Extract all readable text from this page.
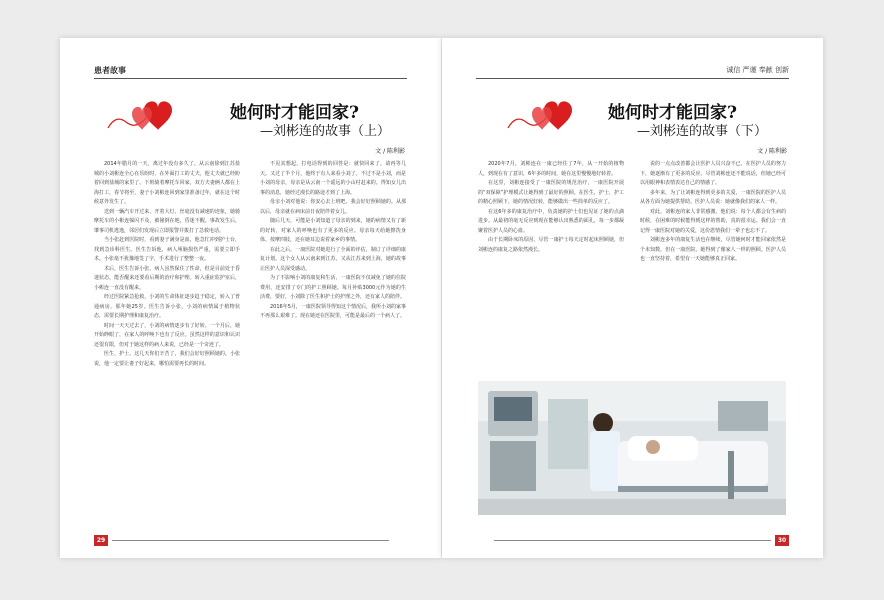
患者故事
她何时才能回家?
—刘彬连的故事（上）
文 / 陈利影

2014年腊月的一天，离过年没有多久了。从云南徐到江苏盐城的小刘彬连全心在乐盼时，在外面打工的丈夫，他丈夫就已经盼着回到盐城的家里了。下班骑着摩托车回家，双方夫妻俩人都在上海打工，春节将至，妻子小刘彬连回到家里准备过年，就在这个时候意外发生了。

送到一辆汽车开过来，开着大灯，丝毫没有减速的迹象，她骑摩托车的小彬连躲闪不及，被撞倒在地，昏迷不醒。事故发生后，肇事司机逃逸，邻居们发现后立即报警并拨打了急救电话。

当小张赶到医院时，看到妻子满身是血，他急忙冲到护士台，找到急诊科医生。医生告诉他，病人颅脑损伤严重，需要立即手术。小张毫不犹豫地签了字，手术进行了整整一夜。

术后，医生告诉小张，病人虽然保住了性命，但是目前处于昏迷状态，能否醒来还要看后期的治疗和护理。转入重症监护室后，小彬连一直没有醒来。

经过医院紧急抢救，小刘的生命体征逐步趋于稳定，转入了普通病房。那年她25岁。医生告诉小张，小刘的病情属于植物状态，需要长期护理和康复治疗。

时间一天天过去了，小刘的病情逐步有了好转。一个月后，她开始睁眼了，在家人的呼唤下也有了反应。虽然这样的意识和认识还很有限，但对于她这样的病人来说，已经是一个奇迹了。

医生，护士，这几天你们辛苦了，我们会好好照顾她的。小张说，他一定要让妻子好起来，哪怕需要再长的时间。

不见其想起，打电话得到的回答是：就快回来了。请再等几天。又过了半个月，他终于有人来看小刘了。不过不是小刘，而是小刘的母亲，母亲是从云南一个遥远的小山村赶来的。得知女儿出事的消息，她经过漫长的路途才到了上海。

母亲小刘对他说：你安心去上班吧，我会好好照顾她的。从那以后，母亲就在病床前日夜陪伴着女儿。

随后几天，可能是小刘知道了母亲的到来，她的病情又有了新的好转，对家人的呼唤也有了更多的反应。母亲每天给她擦洗身体、按摩四肢，还在她耳边说着家乡的事情。

在此之后，一康医院对她进行了全面的评估，制订了详细的康复计划。这个女人从云南来到江苏，又从江苏来到上海，她的故事让医护人员深受感动。

为了不影响小刘的康复和生活，一康医院不仅减免了她的住院费用，还安排了专门的护工照顾她。每月补贴3000元作为她的生活费，要好，小刘除了医生和护士的护理之外，还有家人的陪伴。

2016年5月，一康医院领导得知这个情况后，我所小刘的家事不再那么艰难了。现在她还在医院里，可能是最后的一个病人了。

29
诚信 严谨 奉献 创新
她何时才能回家?
—刘彬连的故事（下）
文 / 陈利影

2020年7月，刘彬连在一康已经住了7年，从一开始的植物人，到现在有了意识，6年多的时间，她在这里慢慢地好转着。

在这里，刘彬连接受了一康医院的规范治疗，一康医院开展的“双保障”护理模式让她得到了最好的照顾。在医生，护士，护工的精心照顾下，她的情况好转，能够做出一些简单的反应了。

在这6年多的康复治疗中，负责她的护士们也见证了她的点滴进步。从最初的毫无反应到现在能够认出熟悉的面孔，每一步都凝聚着医护人员的心血。

由于长期卧床的原因，尽管一康护士每天定时起床照顾她，但刘彬连的康复之路依然漫长。

说的一点点改善都会让医护人员兴奋不已，在医护人员的努力下，她逐渐有了更多的反应。尽管刘彬连还不能说话，但她已经可以用眼神和表情表达自己的情感了。

多年来，为了让刘彬连得到更多的关爱，一康医院的医护人员从各方面为她提供帮助。医护人员说：她就像我们的家人一样。

对此，刘彬连的家人非常感激，他们说：每个人都会有生病的时候，在困难的时候能得到这样的帮助，真的很幸运。我们会一直记得一康医院对她的关爱，这份恩情我们一辈子也忘不了。

刘彬连多年的康复生活也在继续，尽管她何时才能回家依然是个未知数，但在一康医院，她得到了像家人一样的照顾。医护人员也一直坚持着，希望有一天她能够真正回家。

30
